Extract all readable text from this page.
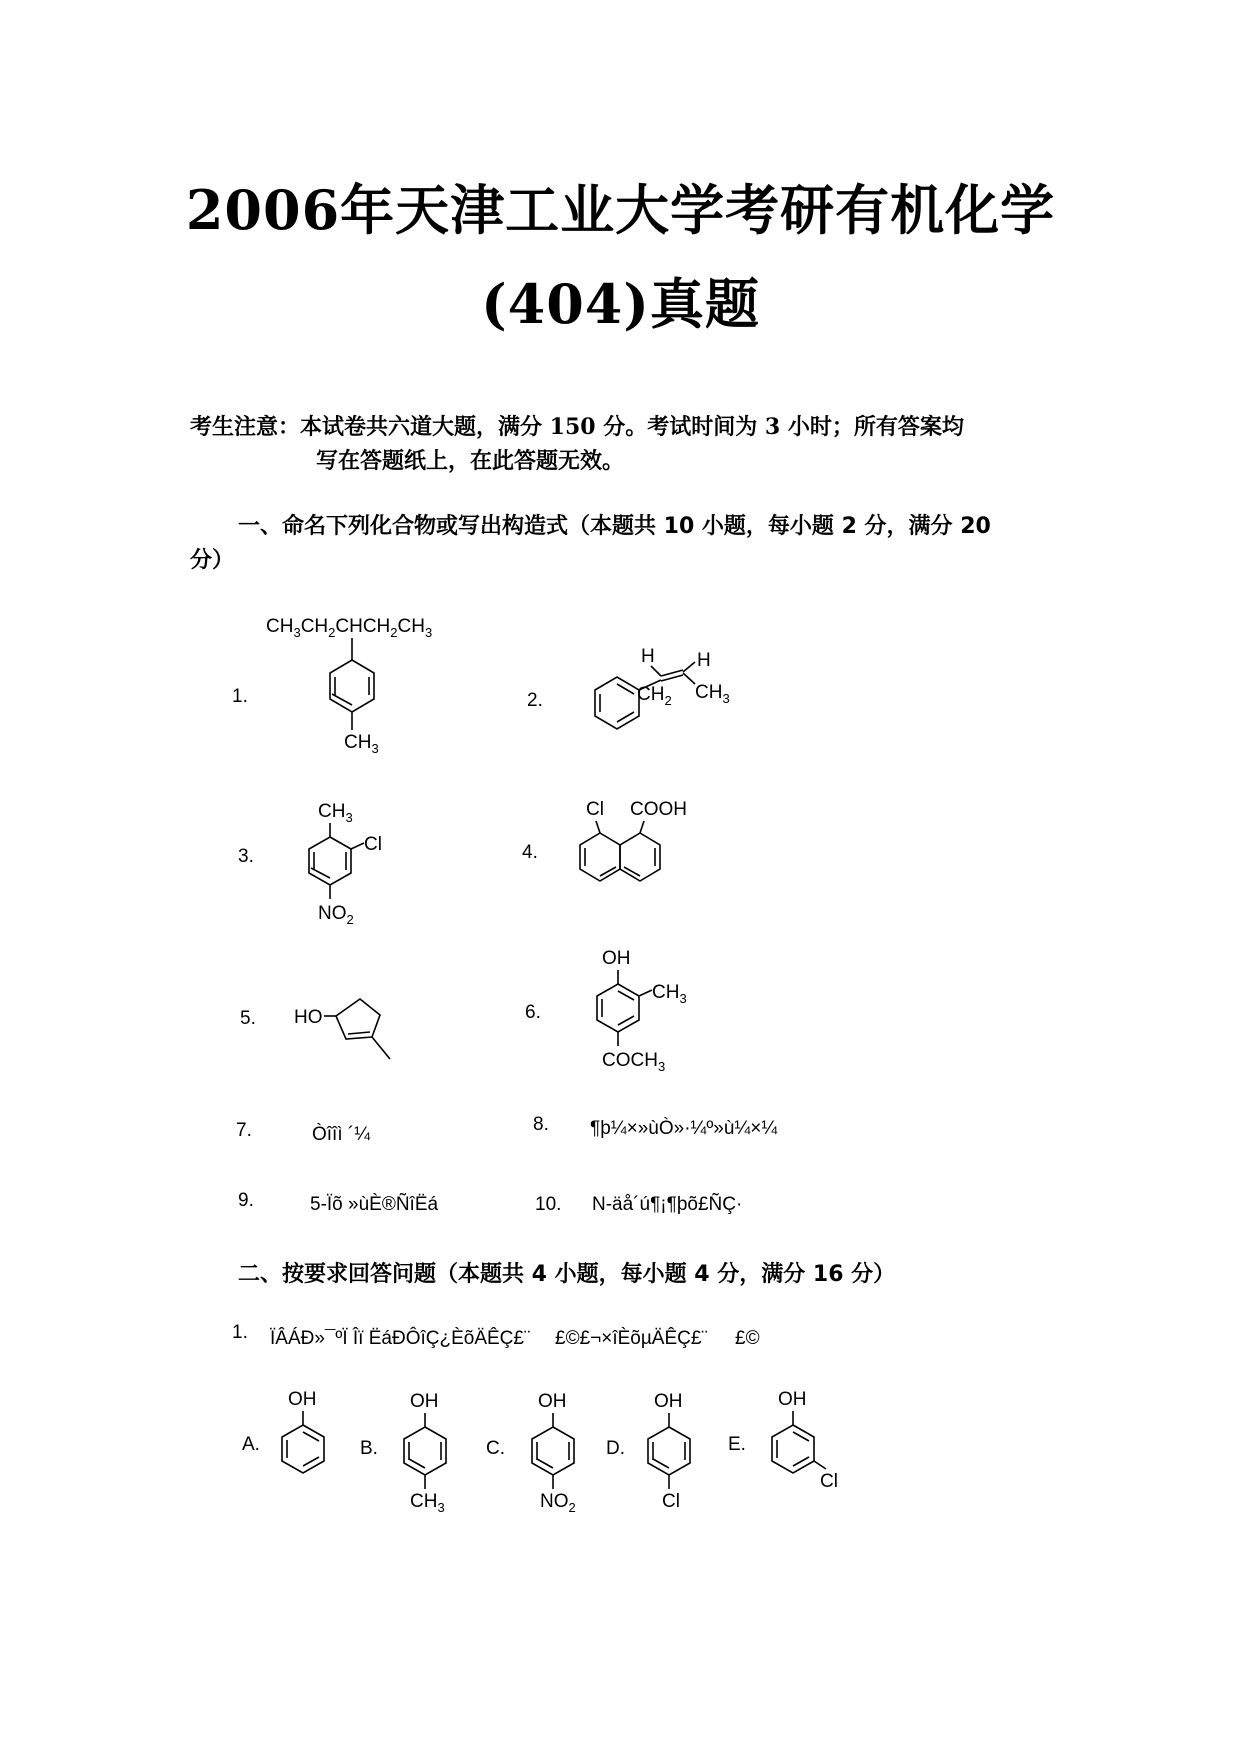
2006年天津工业大学考研有机化学
(404)真题
考生注意：本试卷共六道大题，满分 150 分。考试时间为 3 小时；所有答案均
写在答题纸上，在此答题无效。
一、命名下列化合物或写出构造式（本题共 10 小题，每小题 2 分，满分 20
分）
1.
$CH_3CH_2CHCH_2CH_3$
$CH_3$
2.
H H
$CH_2$ $CH_3$
3.
$CH_3$
Cl
$NO_2$
4.
Cl COOH
5. HO	6.
OH
$CH_3$
$COCH_3$
7.	Òîîì ´¼	8. ¶þ¼×»ùÒ»·¼º»ù¼×¼
9.	5-Ïõ »ùÈ®ÑîËá	10. N-äå´ú¶¡¶þõ£ÑÇ·
二、按要求回答问题（本题共 4 小题，每小题 4 分，满分 16 分）
1. ÏÂÁÐ»¯ºÏ Îï ËáÐÔîÇ¿ÈõÄÊÇ£¨ £©£¬×îÈõµÄÊÇ£¨ £©
A.
OH
B.
OH
$CH_3$
C.
OH
$NO_2$
D.
OH
Cl
E.
OH
Cl
